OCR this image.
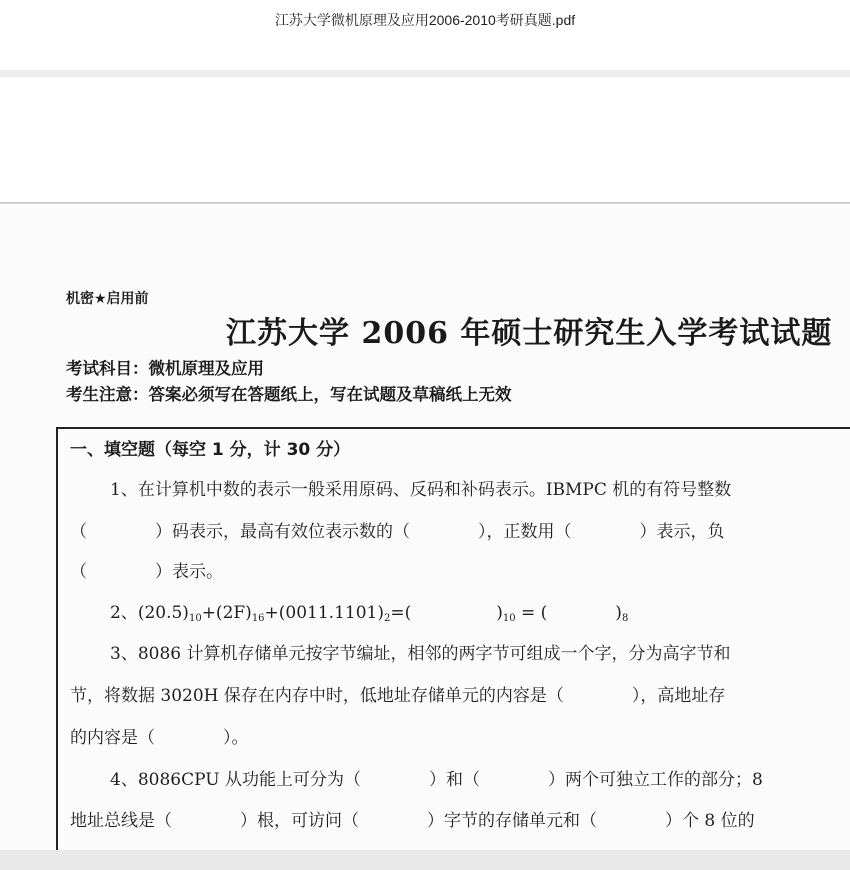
江苏大学微机原理及应用2006-2010考研真题.pdf
机密★启用前
江苏大学 2006 年硕士研究生入学考试试题
考试科目：微机原理及应用
考生注意：答案必须写在答题纸上，写在试题及草稿纸上无效
一、填空题（每空 1 分，计 30 分）
1、在计算机中数的表示一般采用原码、反码和补码表示。IBMPC 机的有符号整数
（　　　　）码表示，最高有效位表示数的（　　　　），正数用（　　　　）表示，负
（　　　　）表示。
2、$(20.5)_{10}+(2F)_{16}+(0011.1101)_2=$(　　　　　)$_{10}$ = (　　　　)$_8$
3、8086 计算机存储单元按字节编址，相邻的两字节可组成一个字，分为高字节和
节，将数据 3020H 保存在内存中时，低地址存储单元的内容是（　　　　），高地址存
的内容是（　　　　）。
4、8086CPU 从功能上可分为（　　　　）和（　　　　）两个可独立工作的部分；8
地址总线是（　　　　）根，可访问（　　　　）字节的存储单元和（　　　　）个 8 位的
